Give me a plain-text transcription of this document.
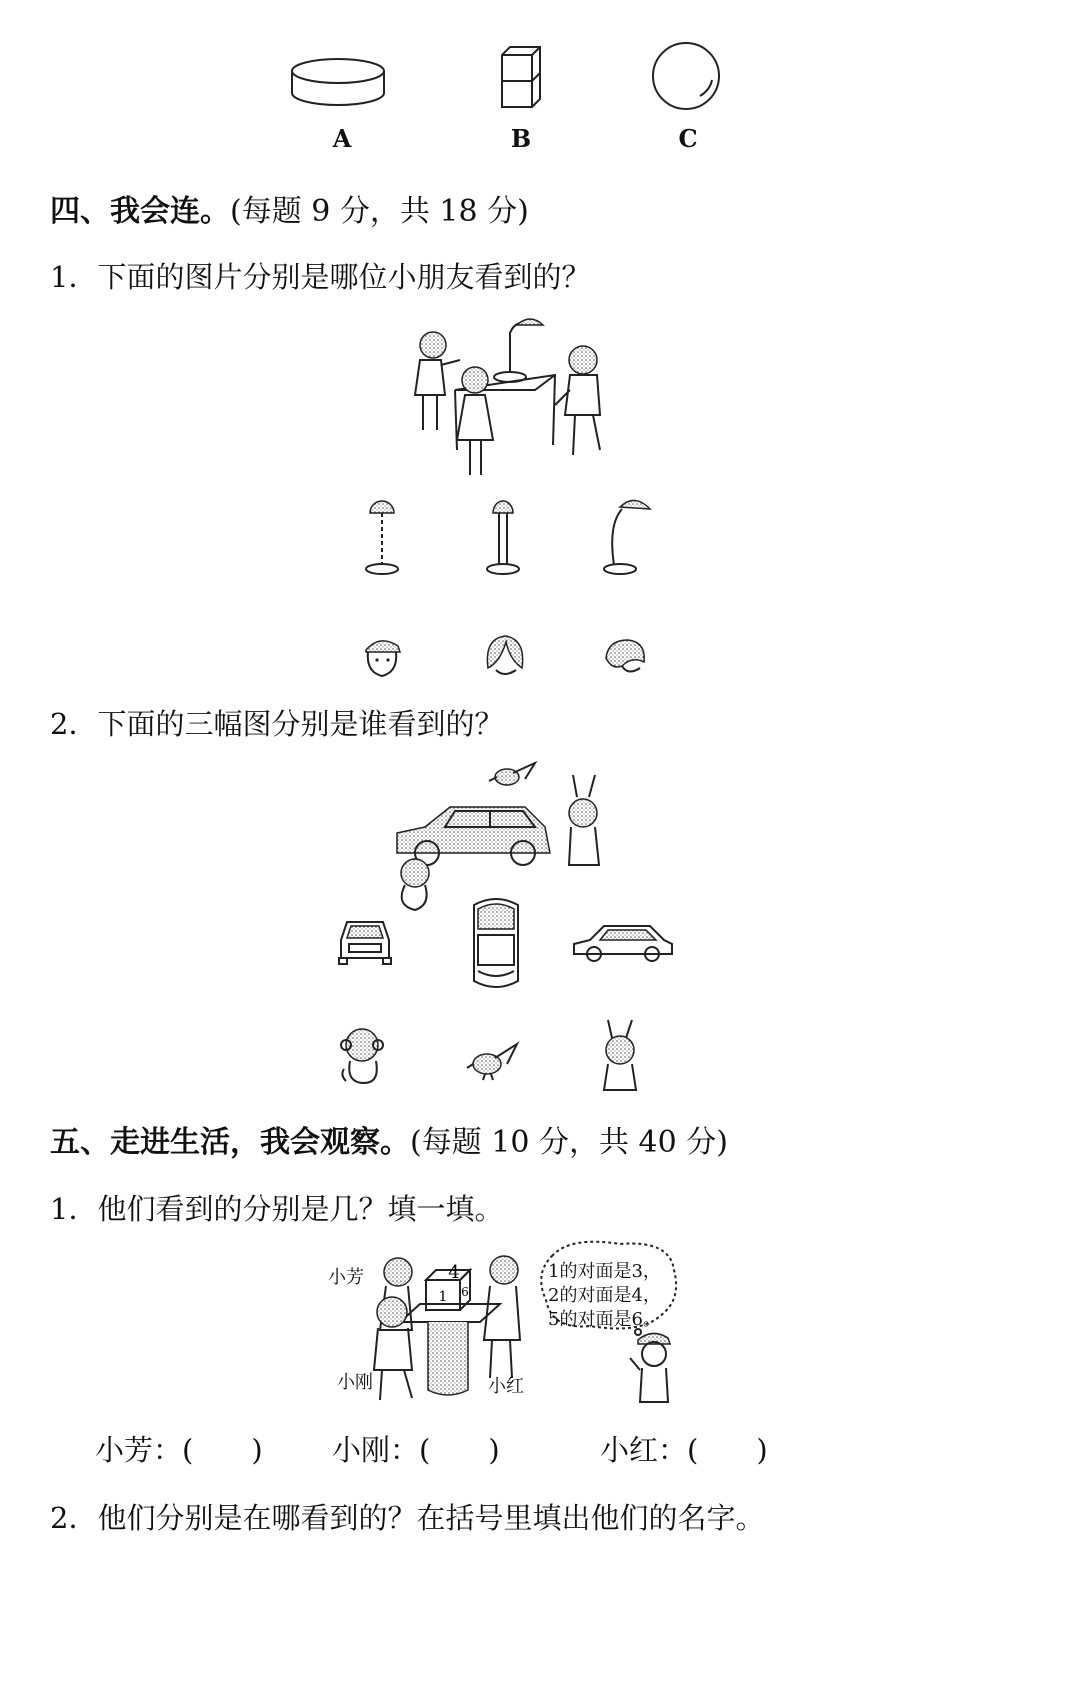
A	B	C
四、我会连。(每题 9 分，共 18 分)
1．下面的图片分别是哪位小朋友看到的？
2．下面的三幅图分别是谁看到的？
五、走进生活，我会观察。(每题 10 分，共 40 分)
1．他们看到的分别是几？填一填。
4
1 6
小芳
小刚	小红
1的对面是3，
2的对面是4，
5的对面是6。
小芳：(　　) 小刚：(　　)	小红：(　　)
2．他们分别是在哪看到的？在括号里填出他们的名字。
